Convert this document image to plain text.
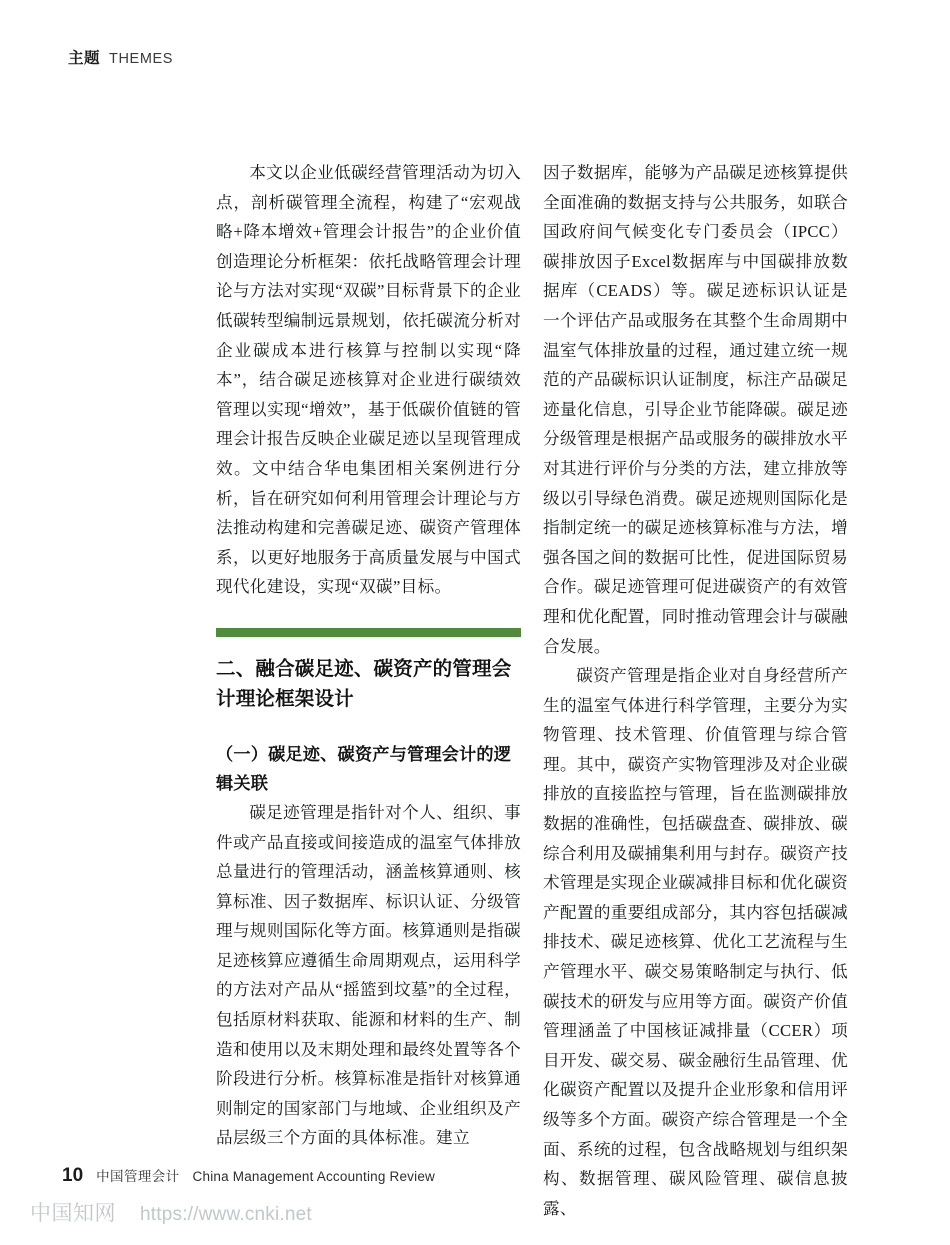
主题 THEMES

本文以企业低碳经营管理活动为切入点，剖析碳管理全流程，构建了“宏观战略+降本增效+管理会计报告”的企业价值创造理论分析框架：依托战略管理会计理论与方法对实现“双碳”目标背景下的企业低碳转型编制远景规划，依托碳流分析对企业碳成本进行核算与控制以实现“降本”，结合碳足迹核算对企业进行碳绩效管理以实现“增效”，基于低碳价值链的管理会计报告反映企业碳足迹以呈现管理成效。文中结合华电集团相关案例进行分析，旨在研究如何利用管理会计理论与方法推动构建和完善碳足迹、碳资产管理体系，以更好地服务于高质量发展与中国式现代化建设，实现“双碳”目标。

二、融合碳足迹、碳资产的管理会计理论框架设计
（一）碳足迹、碳资产与管理会计的逻辑关联

碳足迹管理是指针对个人、组织、事件或产品直接或间接造成的温室气体排放总量进行的管理活动，涵盖核算通则、核算标准、因子数据库、标识认证、分级管理与规则国际化等方面。核算通则是指碳足迹核算应遵循生命周期观点，运用科学的方法对产品从“摇篮到坟墓”的全过程，包括原材料获取、能源和材料的生产、制造和使用以及末期处理和最终处置等各个阶段进行分析。核算标准是指针对核算通则制定的国家部门与地域、企业组织及产品层级三个方面的具体标准。建立

因子数据库，能够为产品碳足迹核算提供全面准确的数据支持与公共服务，如联合国政府间气候变化专门委员会（IPCC）碳排放因子Excel数据库与中国碳排放数据库（CEADS）等。碳足迹标识认证是一个评估产品或服务在其整个生命周期中温室气体排放量的过程，通过建立统一规范的产品碳标识认证制度，标注产品碳足迹量化信息，引导企业节能降碳。碳足迹分级管理是根据产品或服务的碳排放水平对其进行评价与分类的方法，建立排放等级以引导绿色消费。碳足迹规则国际化是指制定统一的碳足迹核算标准与方法，增强各国之间的数据可比性，促进国际贸易合作。碳足迹管理可促进碳资产的有效管理和优化配置，同时推动管理会计与碳融合发展。

碳资产管理是指企业对自身经营所产生的温室气体进行科学管理，主要分为实物管理、技术管理、价值管理与综合管理。其中，碳资产实物管理涉及对企业碳排放的直接监控与管理，旨在监测碳排放数据的准确性，包括碳盘查、碳排放、碳综合利用及碳捕集利用与封存。碳资产技术管理是实现企业碳减排目标和优化碳资产配置的重要组成部分，其内容包括碳减排技术、碳足迹核算、优化工艺流程与生产管理水平、碳交易策略制定与执行、低碳技术的研发与应用等方面。碳资产价值管理涵盖了中国核证减排量（CCER）项目开发、碳交易、碳金融衍生品管理、优化碳资产配置以及提升企业形象和信用评级等多个方面。碳资产综合管理是一个全面、系统的过程，包含战略规划与组织架构、数据管理、碳风险管理、碳信息披露、

10 中国管理会计 China Management Accounting Review
中国知网 https://www.cnki.net
